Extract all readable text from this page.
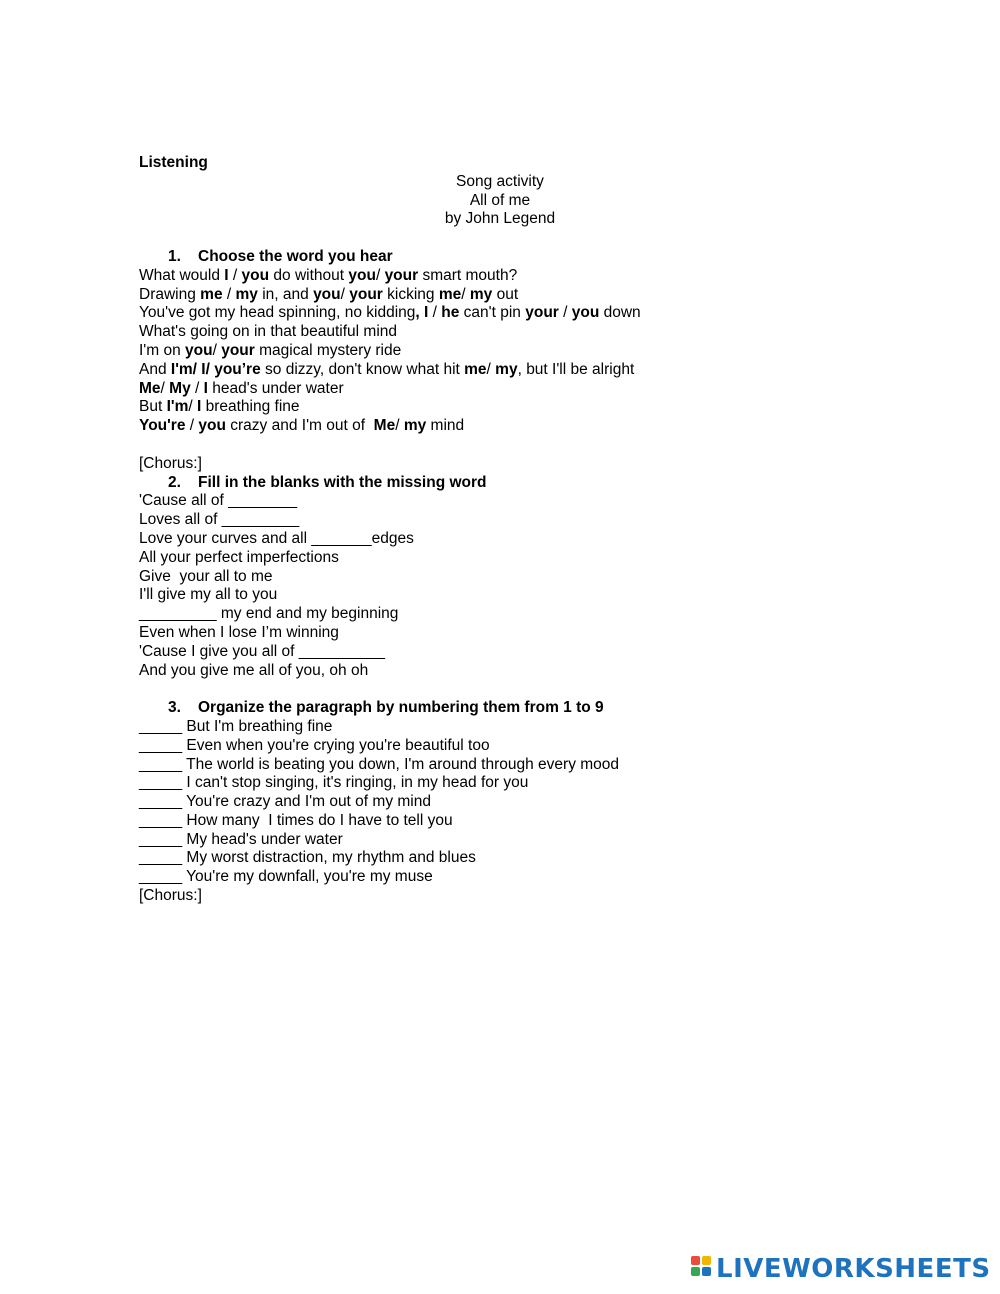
Listening
Song activity
All of me
by John Legend
1. Choose the word you hear
What would I / you do without you/ your smart mouth?
Drawing me / my in, and you/ your kicking me/ my out
You've got my head spinning, no kidding, I / he can't pin your / you down
What's going on in that beautiful mind
I'm on you/ your magical mystery ride
And I'm/ I/ you’re so dizzy, don't know what hit me/ my, but I'll be alright
Me/ My / I head's under water
But I'm/ I breathing fine
You're / you crazy and I'm out of  Me/ my mind
[Chorus:]
2. Fill in the blanks with the missing word
'Cause all of ________
Loves all of _________
Love your curves and all _______edges
All your perfect imperfections
Give  your all to me
I'll give my all to you
_________ my end and my beginning
Even when I lose I’m winning
'Cause I give you all of __________
And you give me all of you, oh oh
3. Organize the paragraph by numbering them from 1 to 9
_____ But I'm breathing fine
_____ Even when you're crying you're beautiful too
_____ The world is beating you down, I'm around through every mood
_____ I can't stop singing, it's ringing, in my head for you
_____ You're crazy and I'm out of my mind
_____ How many  I times do I have to tell you
_____ My head's under water
_____ My worst distraction, my rhythm and blues
_____ You're my downfall, you're my muse
[Chorus:]
LIVEWORKSHEETS
